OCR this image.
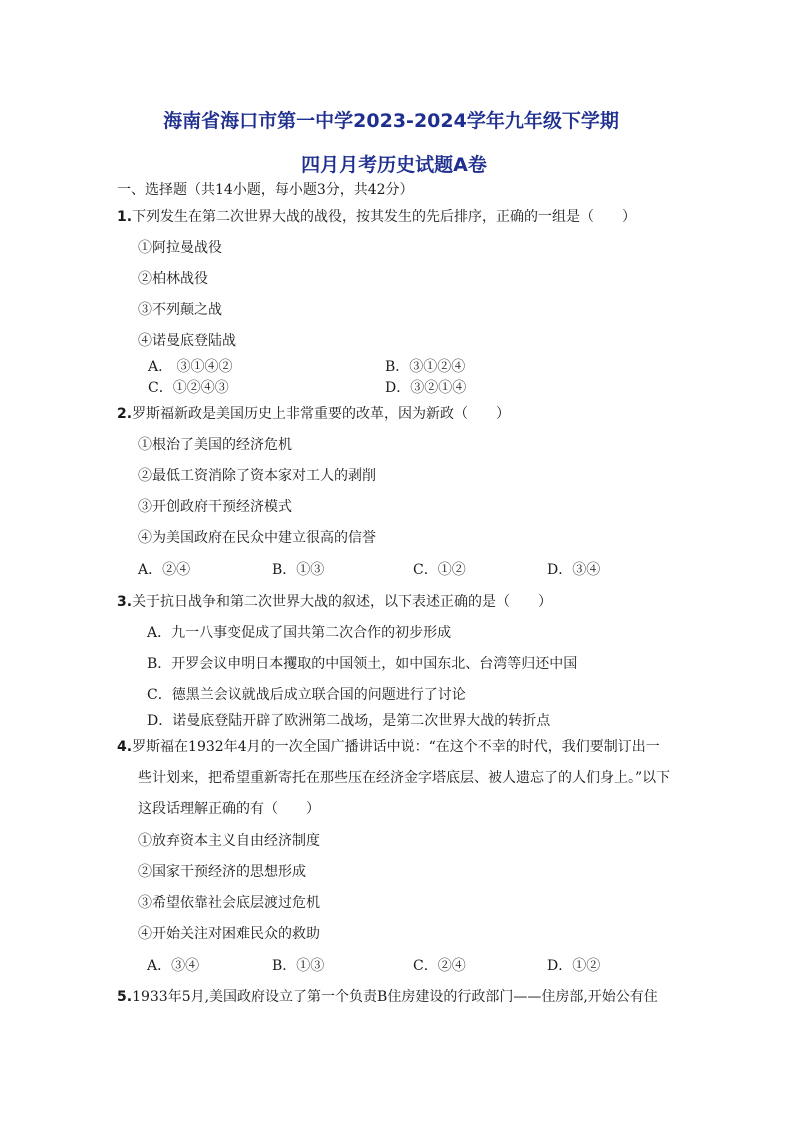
海南省海口市第一中学2023-2024学年九年级下学期
四月月考历史试题A卷
一、选择题（共14小题，每小题3分，共42分）
1.下列发生在第二次世界大战的战役，按其发生的先后排序，正确的一组是（　　）
①阿拉曼战役
②柏林战役
③不列颠之战
④诺曼底登陆战
A.　③①④②	B．③①②④
C．①②④③	D．③②①④
2.罗斯福新政是美国历史上非常重要的改革，因为新政（　　）
①根治了美国的经济危机
②最低工资消除了资本家对工人的剥削
③开创政府干预经济模式
④为美国政府在民众中建立很高的信誉
A．②④	B．①③	C．①②	D．③④
3.关于抗日战争和第二次世界大战的叙述，以下表述正确的是（　　）
A．九一八事变促成了国共第二次合作的初步形成
B．开罗会议申明日本攫取的中国领土，如中国东北、台湾等归还中国
C．德黑兰会议就战后成立联合国的问题进行了讨论
D．诺曼底登陆开辟了欧洲第二战场，是第二次世界大战的转折点
4.罗斯福在1932年4月的一次全国广播讲话中说：“在这个不幸的时代，我们要制订出一
些计划来，把希望重新寄托在那些压在经济金字塔底层、被人遗忘了的人们身上。”以下
这段话理解正确的有（　　）
①放弃资本主义自由经济制度
②国家干预经济的思想形成
③希望依靠社会底层渡过危机
④开始关注对困难民众的救助
A．③④	B．①③	C．②④	D．①②
5.1933年5月,美国政府设立了第一个负责B住房建设的行政部门——住房部,开始公有住
